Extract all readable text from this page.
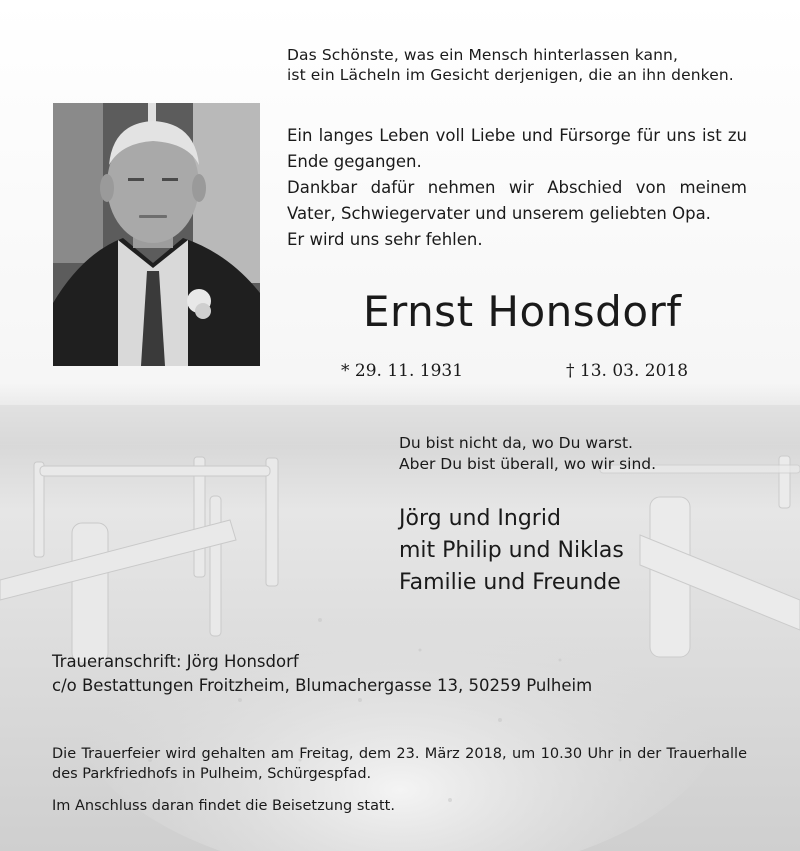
Das Schönste, was ein Mensch hinterlassen kann,
ist ein Lächeln im Gesicht derjenigen, die an ihn denken.

Ein langes Leben voll Liebe und Fürsorge für uns ist zu Ende gegangen.

Dankbar dafür nehmen wir Abschied von meinem Vater, Schwiegervater und unserem geliebten Opa.

Er wird uns sehr fehlen.

Ernst Honsdorf
* 29. 11. 1931	† 13. 03. 2018

Du bist nicht da, wo Du warst.
Aber Du bist überall, wo wir sind.

Jörg und Ingrid
mit Philip und Niklas
Familie und Freunde

Traueranschrift: Jörg Honsdorf
c/o Bestattungen Froitzheim, Blumachergasse 13, 50259 Pulheim

Die Trauerfeier wird gehalten am Freitag, dem 23. März 2018, um 10.30 Uhr in der Trauerhalle des Parkfriedhofs in Pulheim, Schürgespfad.

Im Anschluss daran findet die Beisetzung statt.
